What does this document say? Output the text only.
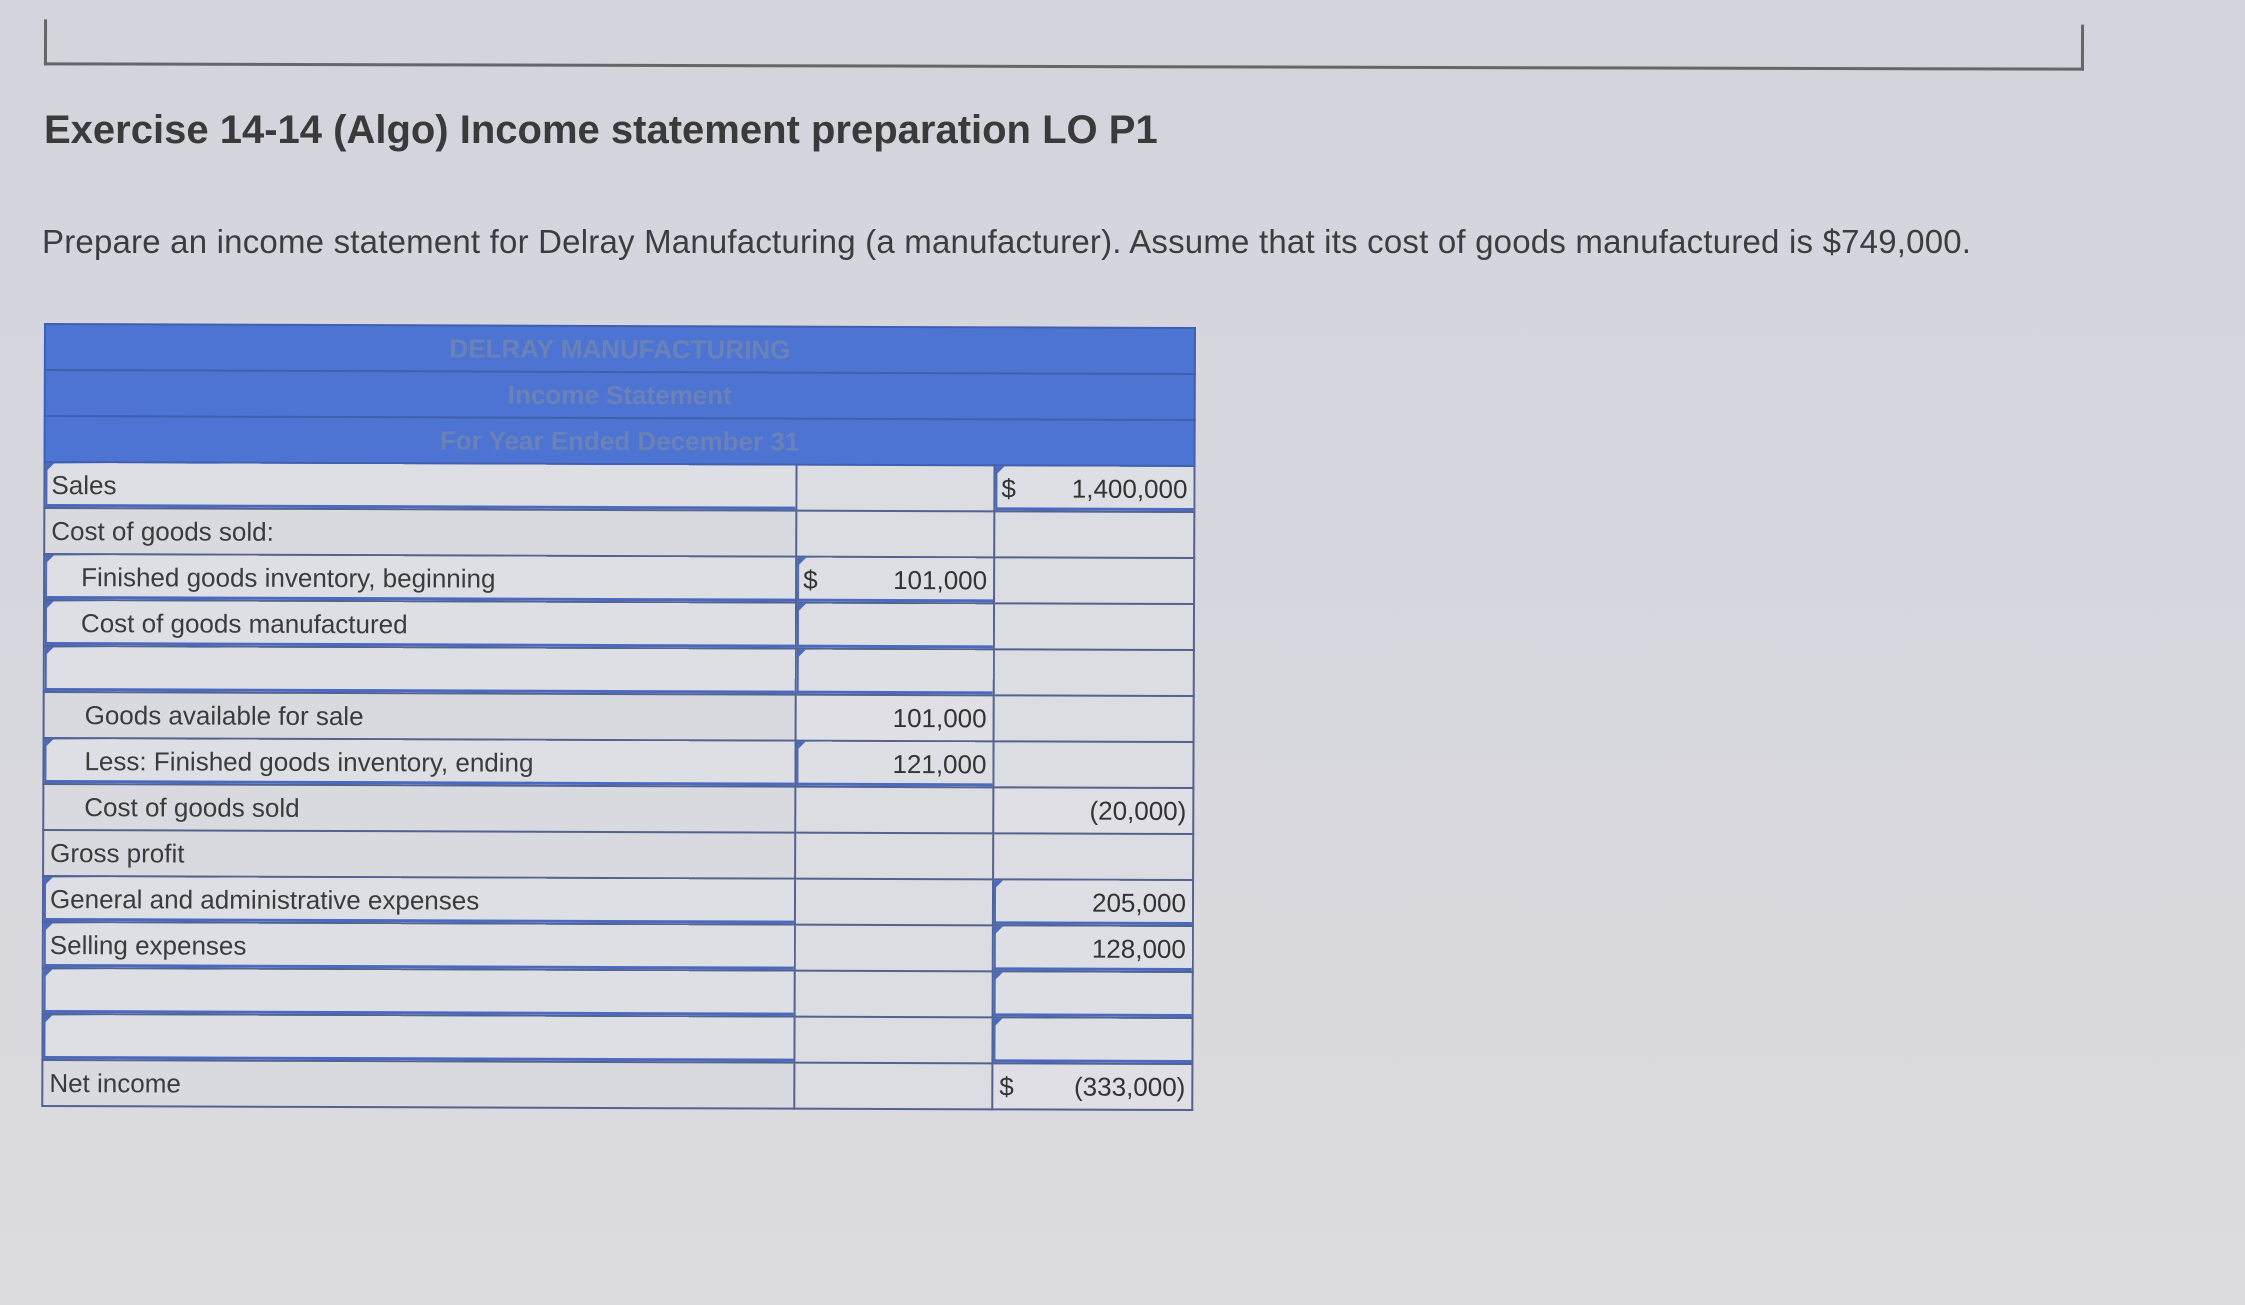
Exercise 14-14 (Algo) Income statement preparation LO P1

Prepare an income statement for Delray Manufacturing (a manufacturer). Assume that its cost of goods manufactured is $749,000.

DELRAY MANUFACTURING		
Income Statement		
For Year Ended December 31		
Sales		$ 1,400,000
Cost of goods sold:		
Finished goods inventory, beginning	$ 101,000	
Cost of goods manufactured		

Goods available for sale	101,000	
Less: Finished goods inventory, ending	121,000	
Cost of goods sold		(20,000)
Gross profit		
General and administrative expenses		205,000
Selling expenses		128,000

Net income		$ (333,000)
